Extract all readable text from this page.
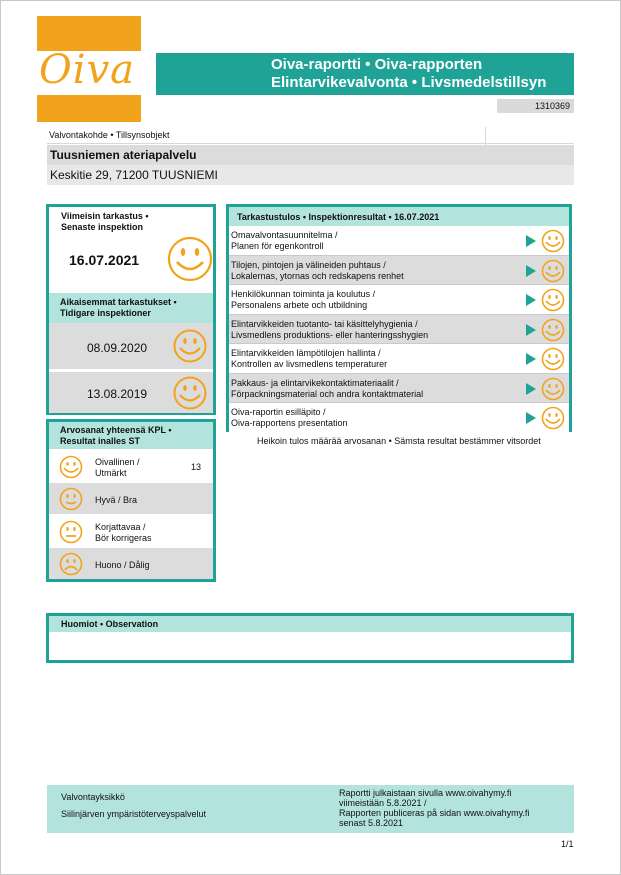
Oiva	Oiva-raportti • Oiva-rapporten
Elintarvikevalvonta • Livsmedelstillsyn
1310369
Valvontakohde • Tillsynsobjekt
Tuusniemen ateriapalvelu
Keskitie 29, 71200 TUUSNIEMI
Viimeisin tarkastus •
Senaste inspektion
16.07.2021
Aikaisemmat tarkastukset •
Tidigare inspektioner
08.09.2020
13.08.2019
Arvosanat yhteensä KPL •
Resultat inalles ST
Oivallinen /
Utmärkt
13
Hyvä / Bra
Korjattavaa /
Bör korrigeras
Huono / Dålig
Tarkastustulos • Inspektionresultat • 16.07.2021
Omavalvontasuunnitelma /
Planen för egenkontroll
Tilojen, pintojen ja välineiden puhtaus /
Lokalernas, ytornas och redskapens renhet
Henkilökunnan toiminta ja koulutus /
Personalens arbete och utbildning
Elintarvikkeiden tuotanto- tai käsittelyhygienia /
Livsmedlens produktions- eller hanteringsshygien
Elintarvikkeiden lämpötilojen hallinta /
Kontrollen av livsmedlens temperaturer
Pakkaus- ja elintarvikekontaktimateriaalit /
Förpackningsmaterial och andra kontaktmaterial
Oiva-raportin esilläpito /
Oiva-rapportens presentation
Heikoin tulos määrää arvosanan • Sämsta resultat bestämmer vitsordet
Huomiot • Observation
Valvontayksikkö
Siilinjärven ympäristöterveyspalvelut
Raportti julkaistaan sivulla www.oivahymy.fi
viimeistään 5.8.2021 /
Rapporten publiceras på sidan www.oivahymy.fi
senast 5.8.2021
1/1
